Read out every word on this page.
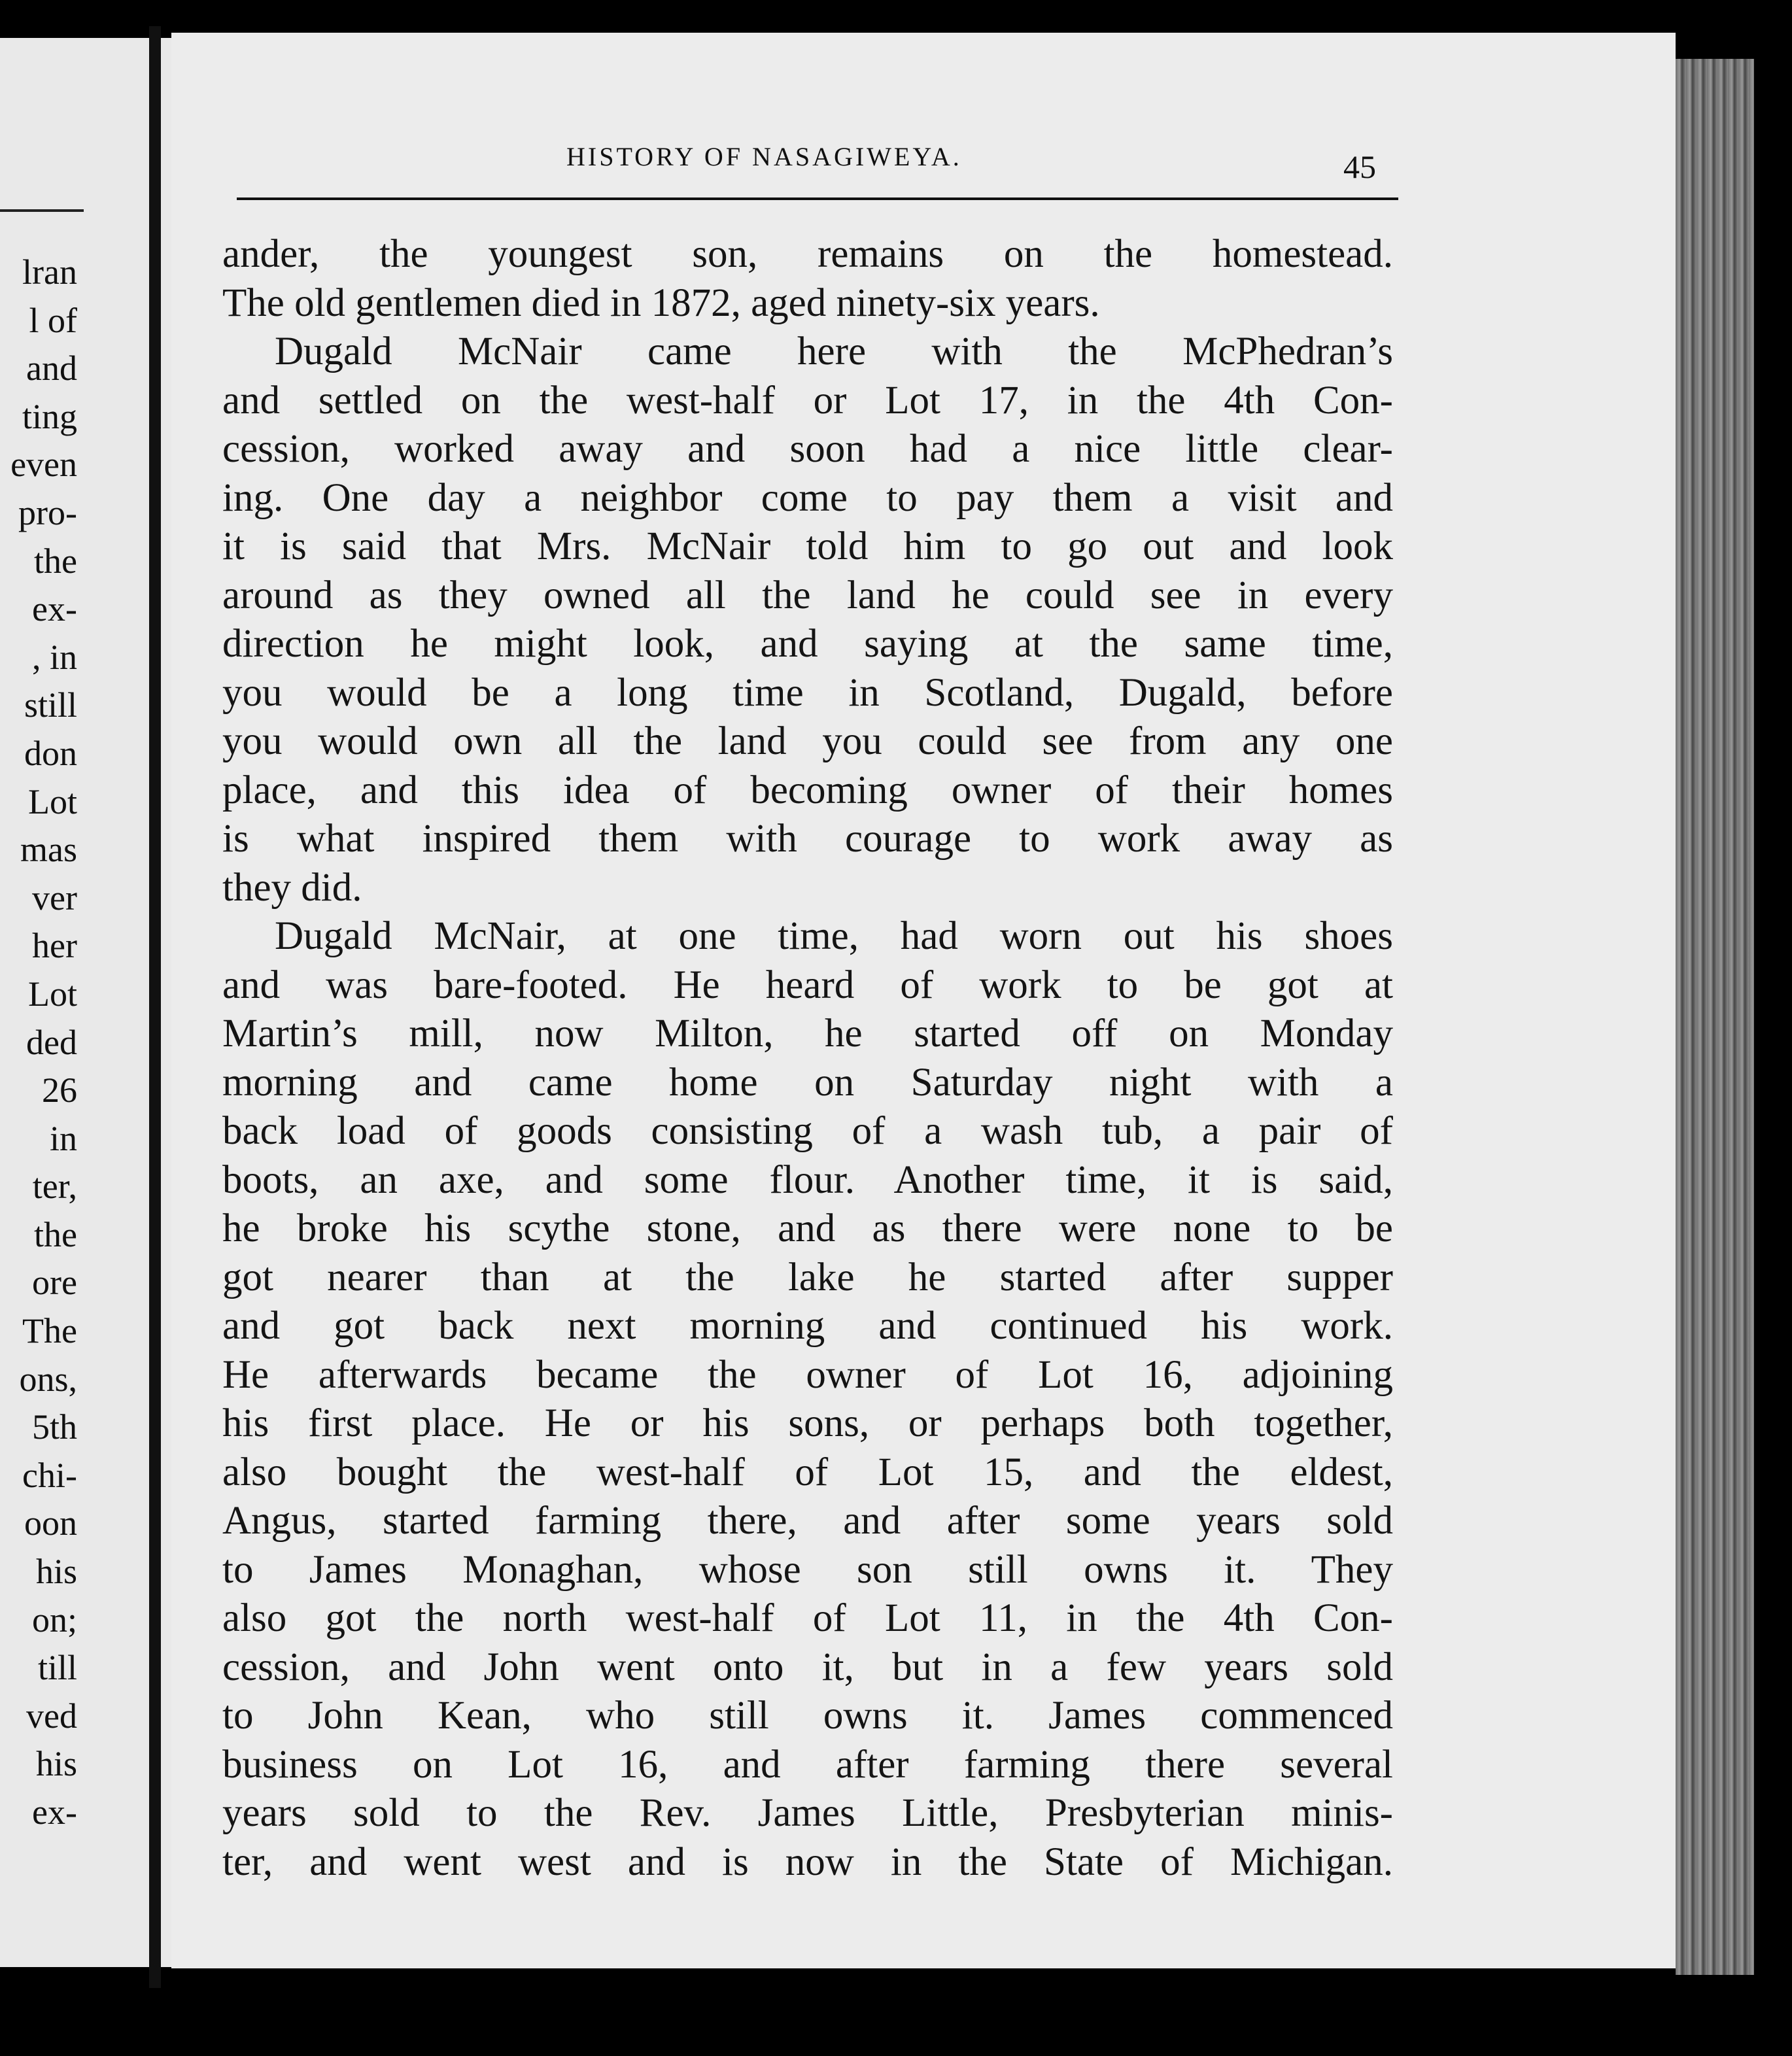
lran
l of
and
ting
even
pro-
the
ex-
, in
still
don
Lot
mas
ver
her
Lot
ded
26
in
ter,
the
ore
The
ons,
5th
chi-
oon
his
on;
till
ved
his
ex-
HISTORY OF NASAGIWEYA.	45
ander, the youngest son, remains on the homestead.
The old gentlemen died in 1872, aged ninety-six years.
Dugald McNair came here with the McPhedran’s
and settled on the west-half or Lot 17, in the 4th Con-
cession, worked away and soon had a nice little clear-
ing. One day a neighbor come to pay them a visit and
it is said that Mrs. McNair told him to go out and look
around as they owned all the land he could see in every
direction he might look, and saying at the same time,
you would be a long time in Scotland, Dugald, before
you would own all the land you could see from any one
place, and this idea of becoming owner of their homes
is what inspired them with courage to work away as
they did.
Dugald McNair, at one time, had worn out his shoes
and was bare-footed. He heard of work to be got at
Martin’s mill, now Milton, he started off on Monday
morning and came home on Saturday night with a
back load of goods consisting of a wash tub, a pair of
boots, an axe, and some flour. Another time, it is said,
he broke his scythe stone, and as there were none to be
got nearer than at the lake he started after supper
and got back next morning and continued his work.
He afterwards became the owner of Lot 16, adjoining
his first place. He or his sons, or perhaps both together,
also bought the west-half of Lot 15, and the eldest,
Angus, started farming there, and after some years sold
to James Monaghan, whose son still owns it. They
also got the north west-half of Lot 11, in the 4th Con-
cession, and John went onto it, but in a few years sold
to John Kean, who still owns it. James commenced
business on Lot 16, and after farming there several
years sold to the Rev. James Little, Presbyterian minis-
ter, and went west and is now in the State of Michigan.
